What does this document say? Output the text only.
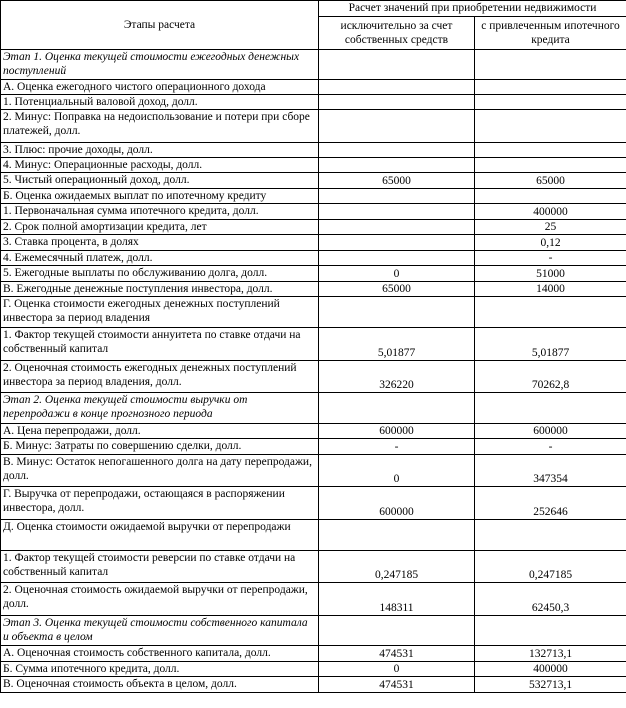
Этапы расчета	Расчет значений при приобретении недвижимости	
	исключительно за счет собственных средств	с привлеченным ипотечного кредита
Этап 1. Оценка текущей стоимости ежегодных денежных поступлений		
А. Оценка ежегодного чистого операционного дохода		
1. Потенциальный валовой доход, долл.		
2. Минус: Поправка на недоиспользование и потери при сборе платежей, долл.		
3. Плюс: прочие доходы, долл.		
4. Минус: Операционные расходы, долл.		
5. Чистый операционный доход, долл.	65000	65000
Б. Оценка ожидаемых выплат по ипотечному кредиту		
1. Первоначальная сумма ипотечного кредита, долл.		400000
2. Срок полной амортизации кредита, лет		25
3. Ставка процента, в долях		0,12
4. Ежемесячный платеж, долл.		-
5. Ежегодные выплаты по обслуживанию долга, долл.	0	51000
В. Ежегодные денежные поступления инвестора, долл.	65000	14000
Г. Оценка стоимости ежегодных денежных поступлений инвестора за период владения		
1. Фактор текущей стоимости аннуитета по ставке отдачи на собственный капитал	5,01877	5,01877
2. Оценочная стоимость ежегодных денежных поступлений инвестора за период владения, долл.	326220	70262,8
Этап 2. Оценка текущей стоимости выручки от перепродажи в конце прогнозного периода		
А. Цена перепродажи, долл.	600000	600000
Б. Минус: Затраты по совершению сделки, долл.	-	-
В. Минус: Остаток непогашенного долга на дату перепродажи, долл.	0	347354
Г. Выручка от перепродажи, остающаяся в распоряжении инвестора, долл.	600000	252646
Д. Оценка стоимости ожидаемой выручки от перепродажи		
1. Фактор текущей стоимости реверсии по ставке отдачи на собственный капитал	0,247185	0,247185
2. Оценочная стоимость ожидаемой выручки от перепродажи, долл.	148311	62450,3
Этап 3. Оценка текущей стоимости собственного капитала и объекта в целом		
А. Оценочная стоимость собственного капитала, долл.	474531	132713,1
Б. Сумма ипотечного кредита, долл.	0	400000
В. Оценочная стоимость объекта в целом, долл.	474531	532713,1
